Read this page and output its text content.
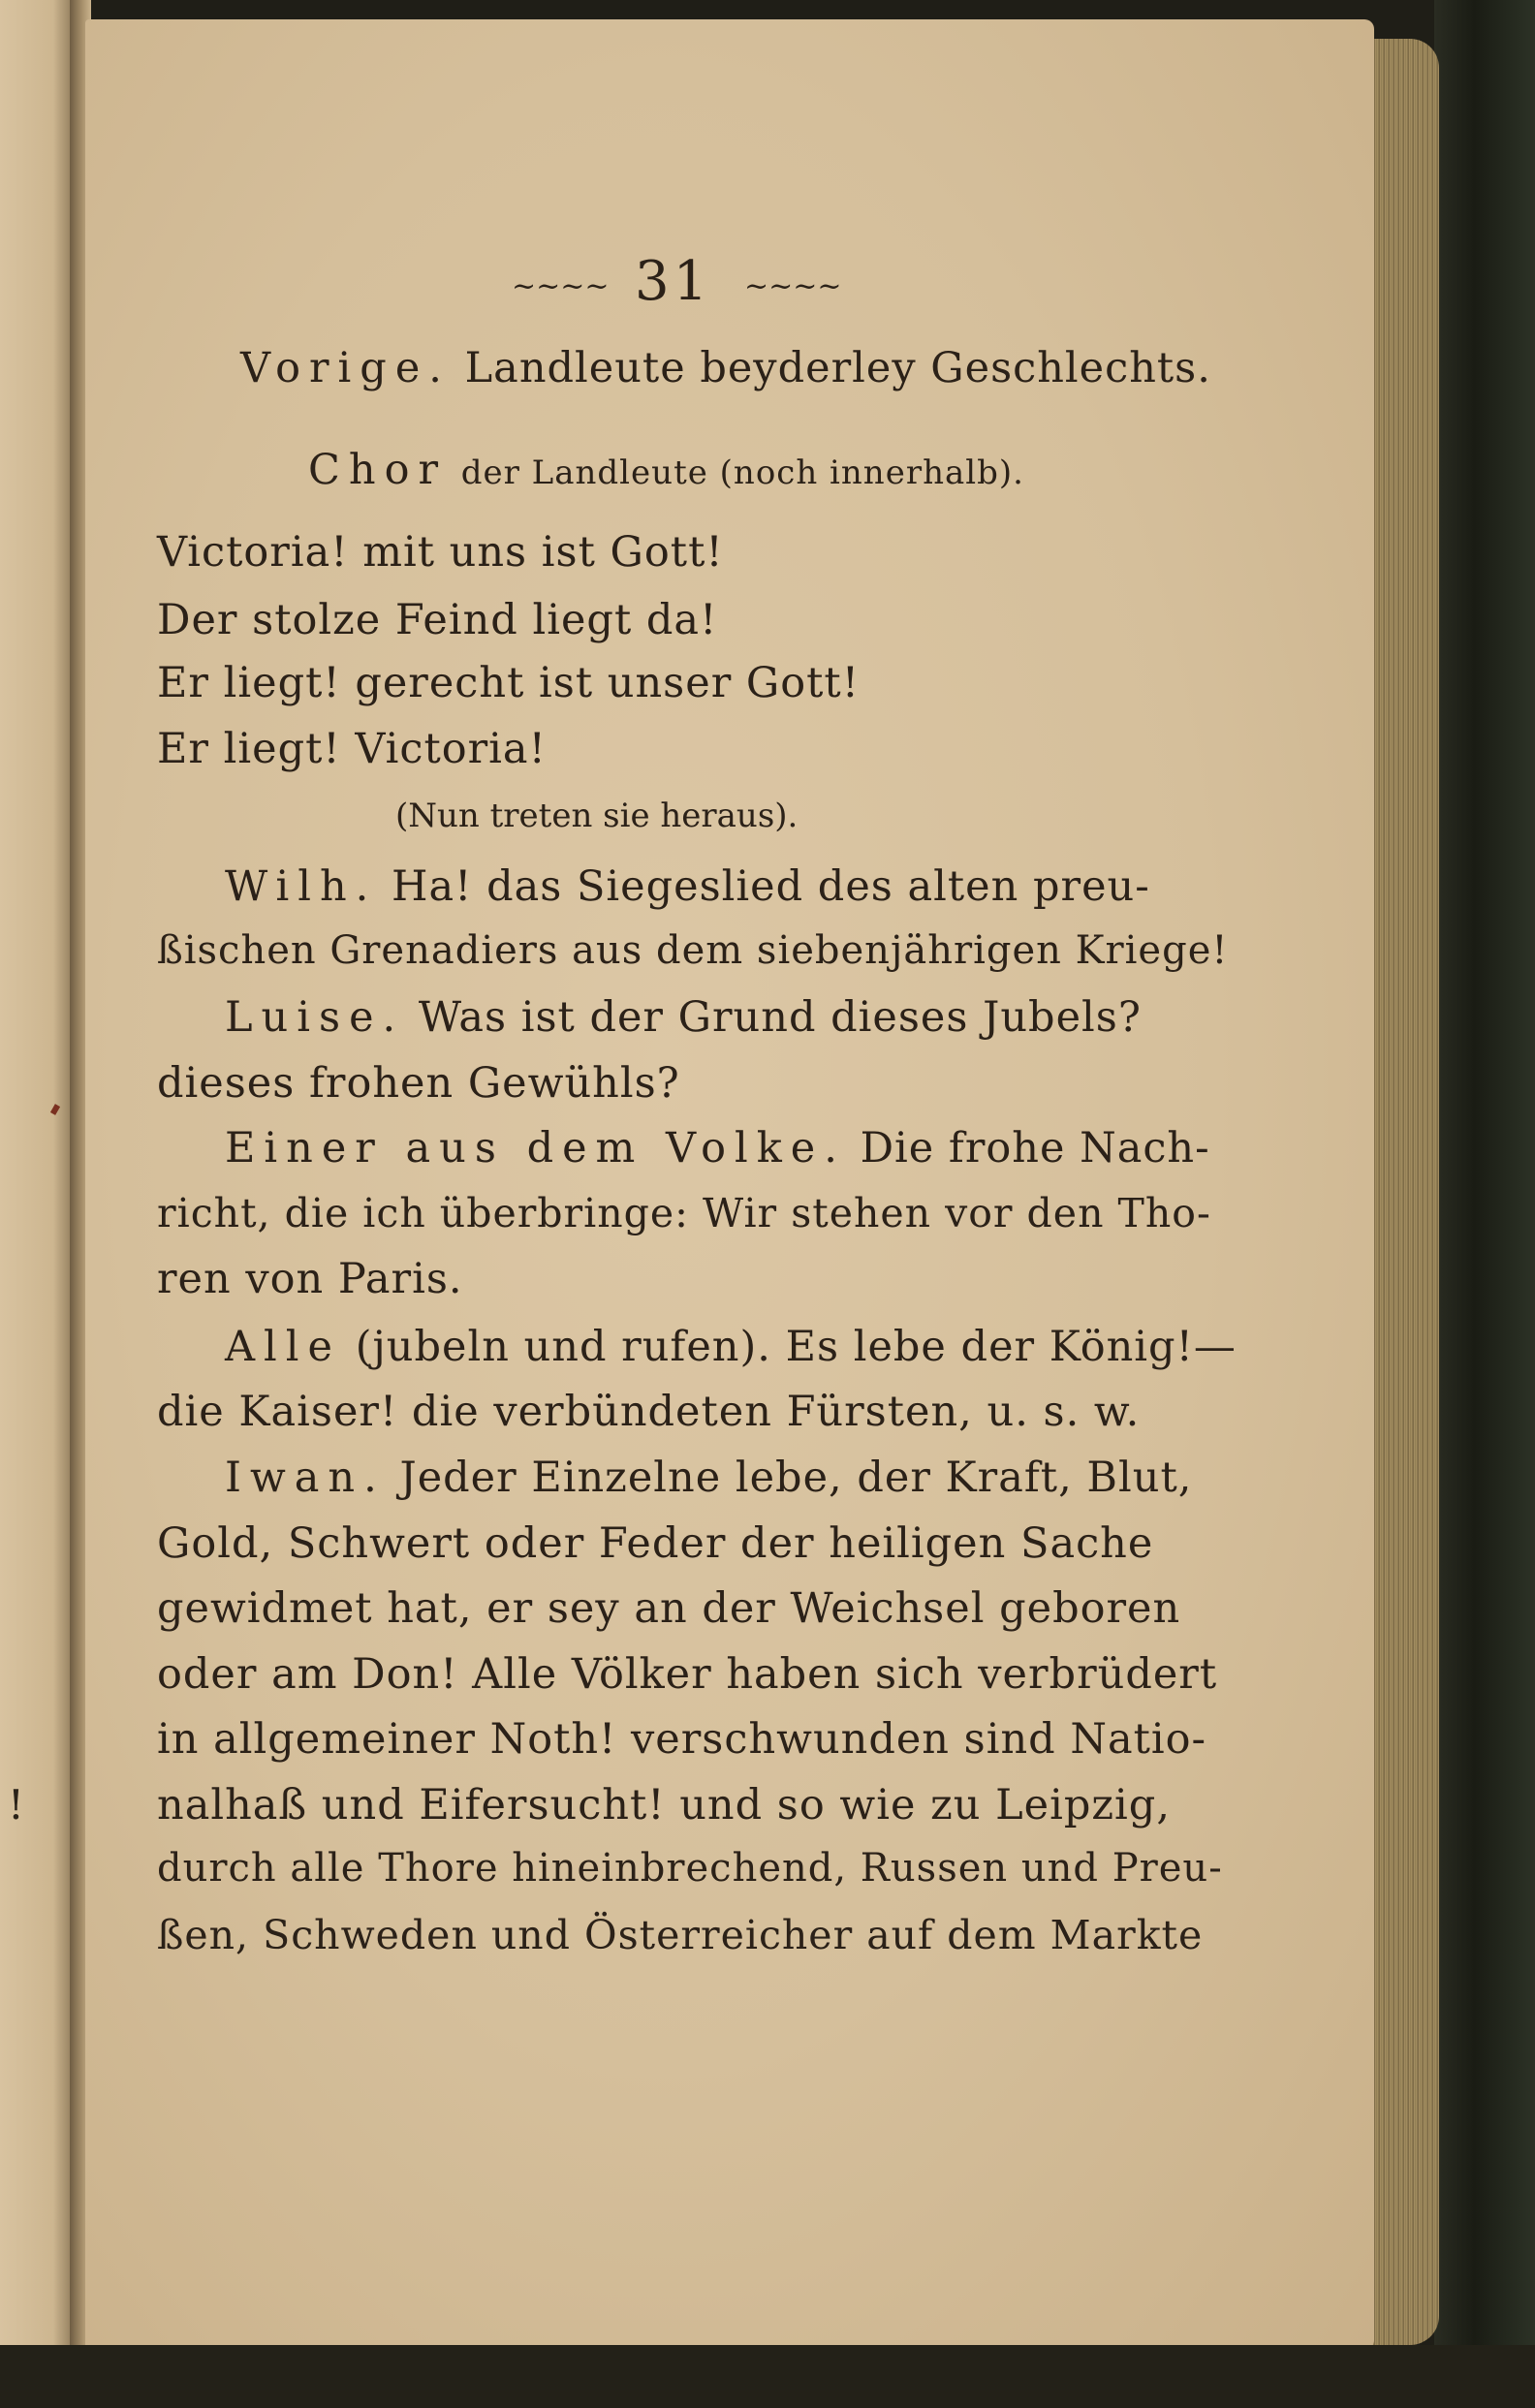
!
~~~~ 31 ~~~~
Vorige. Landleute beyderley Geschlechts.
Chor der Landleute (noch innerhalb).
Victoria! mit uns ist Gott!
Der stolze Feind liegt da!
Er liegt! gerecht ist unser Gott!
Er liegt! Victoria!
(Nun treten sie heraus).
Wilh. Ha! das Siegeslied des alten preu-
ßischen Grenadiers aus dem siebenjährigen Kriege!
Luise. Was ist der Grund dieses Jubels?
dieses frohen Gewühls?
Einer aus dem Volke. Die frohe Nach-
richt, die ich überbringe: Wir stehen vor den Tho-
ren von Paris.
Alle (jubeln und rufen). Es lebe der König!—
die Kaiser! die verbündeten Fürsten, u. s. w.
Iwan. Jeder Einzelne lebe, der Kraft, Blut,
Gold, Schwert oder Feder der heiligen Sache
gewidmet hat, er sey an der Weichsel geboren
oder am Don! Alle Völker haben sich verbrüdert
in allgemeiner Noth! verschwunden sind Natio-
nalhaß und Eifersucht! und so wie zu Leipzig,
durch alle Thore hineinbrechend, Russen und Preu-
ßen, Schweden und Österreicher auf dem Markte
